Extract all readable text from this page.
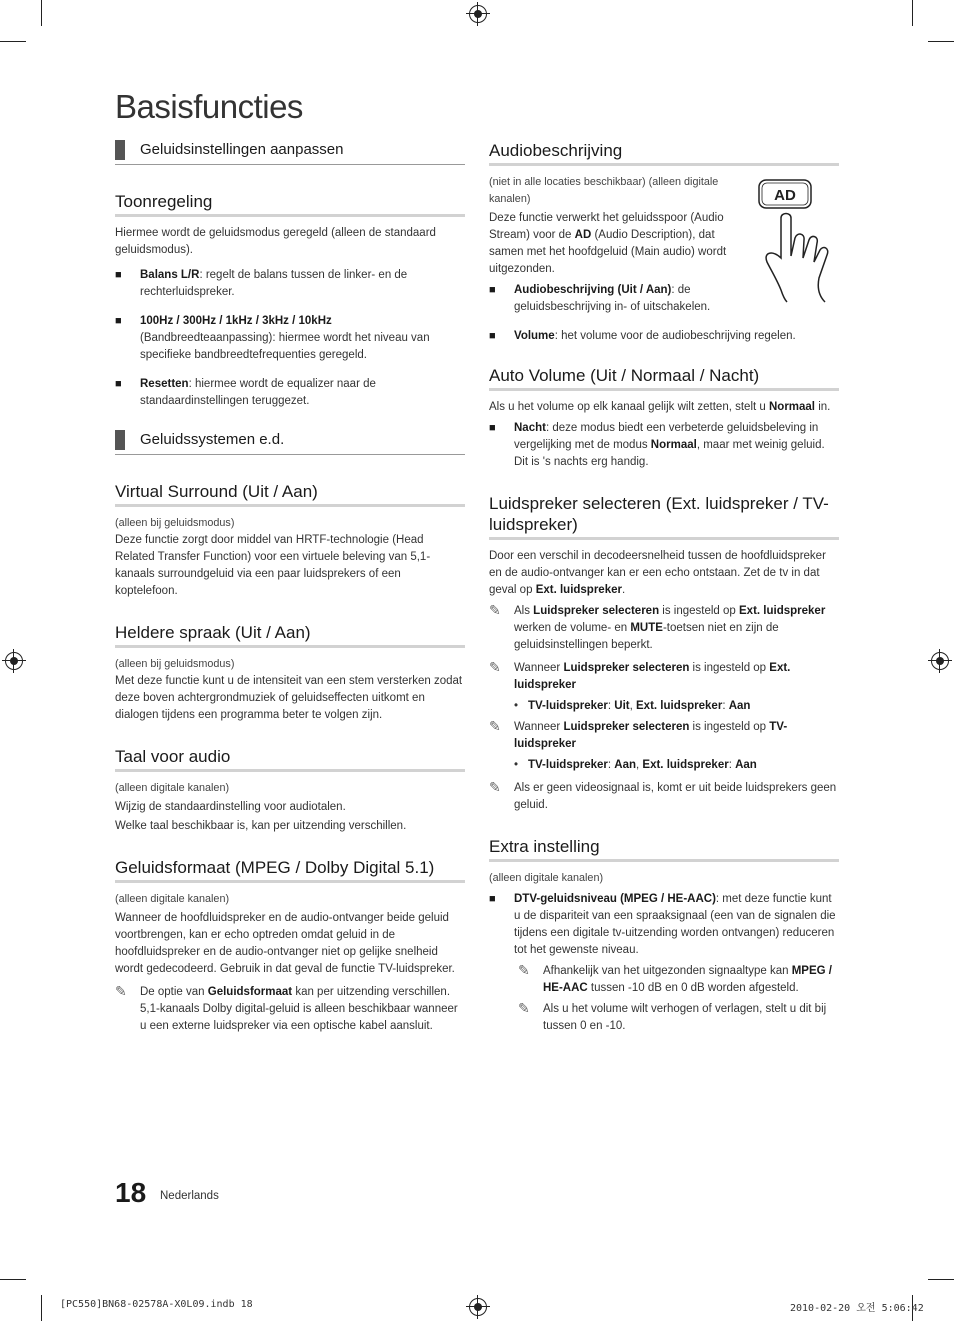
Basisfuncties
Geluidsinstellingen aanpassen
Toonregeling

Hiermee wordt de geluidsmodus geregeld (alleen de standaard geluidsmodus).

■	Balans L/R: regelt de balans tussen de linker- en de rechterluidspreker.
■	100Hz / 300Hz / 1kHz / 3kHz / 10kHz (Bandbreedteaanpassing): hiermee wordt het niveau van specifieke bandbreedtefrequenties geregeld.
■	Resetten: hiermee wordt de equalizer naar de standaardinstellingen teruggezet.
Geluidssystemen e.d.
Virtual Surround (Uit / Aan)

(alleen bij geluidsmodus)

Deze functie zorgt door middel van HRTF-technologie (Head Related Transfer Function) voor een virtuele beleving van 5,1-kanaals surroundgeluid via een paar luidsprekers of een koptelefoon.

Heldere spraak (Uit / Aan)

(alleen bij geluidsmodus)

Met deze functie kunt u de intensiteit van een stem versterken zodat deze boven achtergrondmuziek of geluidseffecten uitkomt en dialogen tijdens een programma beter te volgen zijn.

Taal voor audio

(alleen digitale kanalen)

Wijzig de standaardinstelling voor audiotalen.

Welke taal beschikbaar is, kan per uitzending verschillen.

Geluidsformaat (MPEG / Dolby Digital 5.1)

(alleen digitale kanalen)

Wanneer de hoofdluidspreker en de audio-ontvanger beide geluid voortbrengen, kan er echo optreden omdat geluid in de hoofdluidspreker en de audio-ontvanger niet op gelijke snelheid wordt gedecodeerd. Gebruik in dat geval de functie TV-luidspreker.

✎	De optie van Geluidsformaat kan per uitzending verschillen. 5,1-kanaals Dolby digital-geluid is alleen beschikbaar wanneer u een externe luidspreker via een optische kabel aansluit.
Audiobeschrijving
AD

(niet in alle locaties beschikbaar) (alleen digitale kanalen)

Deze functie verwerkt het geluidsspoor (Audio Stream) voor de AD (Audio Description), dat samen met het hoofdgeluid (Main audio) wordt uitgezonden.

■	Audiobeschrijving (Uit / Aan): de geluidsbeschrijving in- of uitschakelen.
■	Volume: het volume voor de audiobeschrijving regelen.
Auto Volume (Uit / Normaal / Nacht)

Als u het volume op elk kanaal gelijk wilt zetten, stelt u Normaal in.

■	Nacht: deze modus biedt een verbeterde geluidsbeleving in vergelijking met de modus Normaal, maar met weinig geluid. Dit is 's nachts erg handig.
Luidspreker selecteren (Ext. luidspreker / TV-luidspreker)

Door een verschil in decodeersnelheid tussen de hoofdluidspreker en de audio-ontvanger kan er een echo ontstaan. Zet de tv in dat geval op Ext. luidspreker.

✎	Als Luidspreker selecteren is ingesteld op Ext. luidspreker werken de volume- en MUTE-toetsen niet en zijn de geluidsinstellingen beperkt.
✎	Wanneer Luidspreker selecteren is ingesteld op Ext. luidspreker
• TV-luidspreker: Uit, Ext. luidspreker: Aan
✎	Wanneer Luidspreker selecteren is ingesteld op TV-luidspreker
• TV-luidspreker: Aan, Ext. luidspreker: Aan
✎	Als er geen videosignaal is, komt er uit beide luidsprekers geen geluid.
Extra instelling

(alleen digitale kanalen)

■	DTV-geluidsniveau (MPEG / HE-AAC): met deze functie kunt u de dispariteit van een spraaksignaal (een van de signalen die tijdens een digitale tv-uitzending worden ontvangen) reduceren tot het gewenste niveau.
✎	Afhankelijk van het uitgezonden signaaltype kan MPEG / HE-AAC tussen -10 dB en 0 dB worden afgesteld.
✎	Als u het volume wilt verhogen of verlagen, stelt u dit bij tussen 0 en -10.
18 Nederlands
[PC550]BN68-02578A-X0L09.indb 18	2010-02-20 오전 5:06:42
